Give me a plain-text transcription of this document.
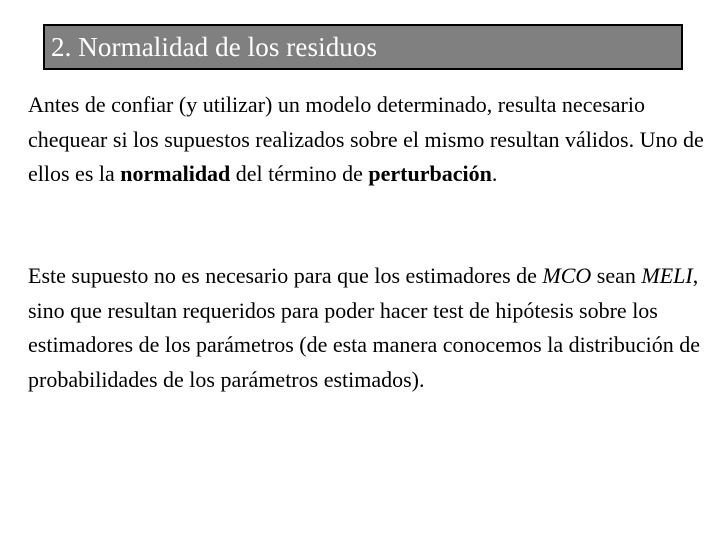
2. Normalidad de los residuos

Antes de confiar (y utilizar) un modelo determinado, resulta necesario chequear si los supuestos realizados sobre el mismo resultan válidos. Uno de ellos es la normalidad del término de perturbación.

Este supuesto no es necesario para que los estimadores de MCO sean MELI, sino que resultan requeridos para poder hacer test de hipótesis sobre los estimadores de los parámetros (de esta manera conocemos la distribución de probabilidades de los parámetros estimados).
